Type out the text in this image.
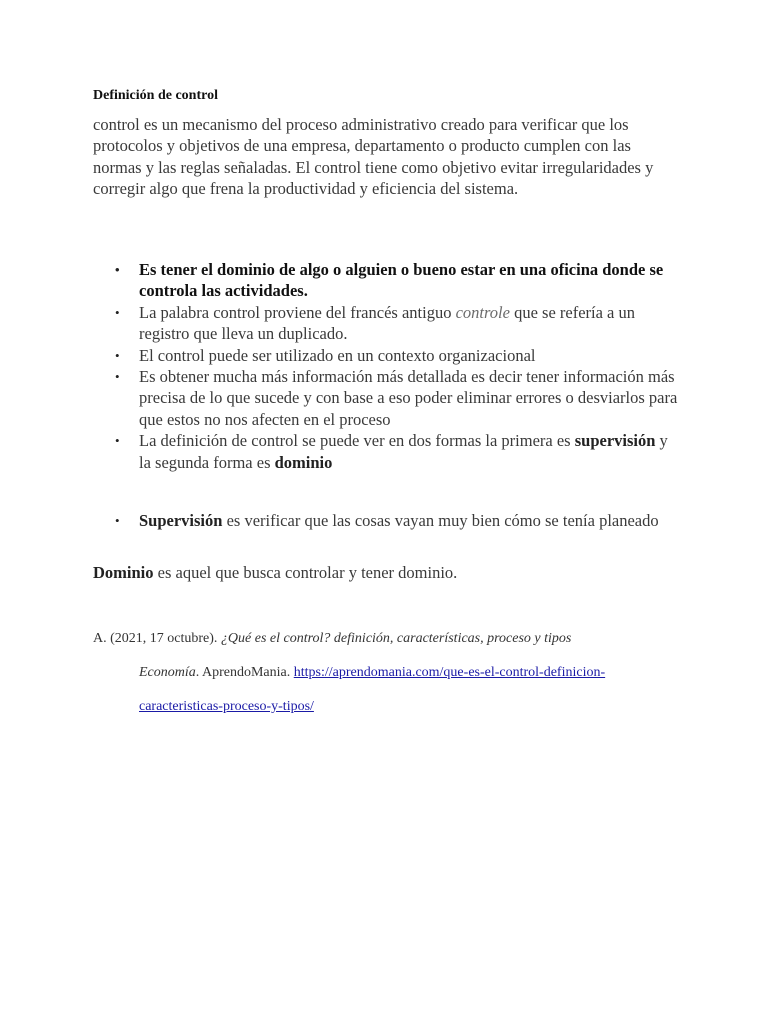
Definición de control
control es un mecanismo del proceso administrativo creado para verificar que los protocolos y objetivos de una empresa, departamento o producto cumplen con las normas y las reglas señaladas. El control tiene como objetivo evitar irregularidades y corregir algo que frena la productividad y eficiencia del sistema.
• Es tener el dominio de algo o alguien o bueno estar en una oficina donde se controla las actividades.
• La palabra control proviene del francés antiguo controle que se refería a un registro que lleva un duplicado.
• El control puede ser utilizado en un contexto organizacional
• Es obtener mucha más información más detallada es decir tener información más precisa de lo que sucede y con base a eso poder eliminar errores o desviarlos para que estos no nos afecten en el proceso
• La definición de control se puede ver en dos formas la primera es supervisión y la segunda forma es dominio
• Supervisión es verificar que las cosas vayan muy bien cómo se tenía planeado
Dominio es aquel que busca controlar y tener dominio.
A. (2021, 17 octubre). ¿Qué es el control? definición, características, proceso y tipos
Economía. AprendoMania. https://aprendomania.com/que-es-el-control-definicion-
caracteristicas-proceso-y-tipos/
